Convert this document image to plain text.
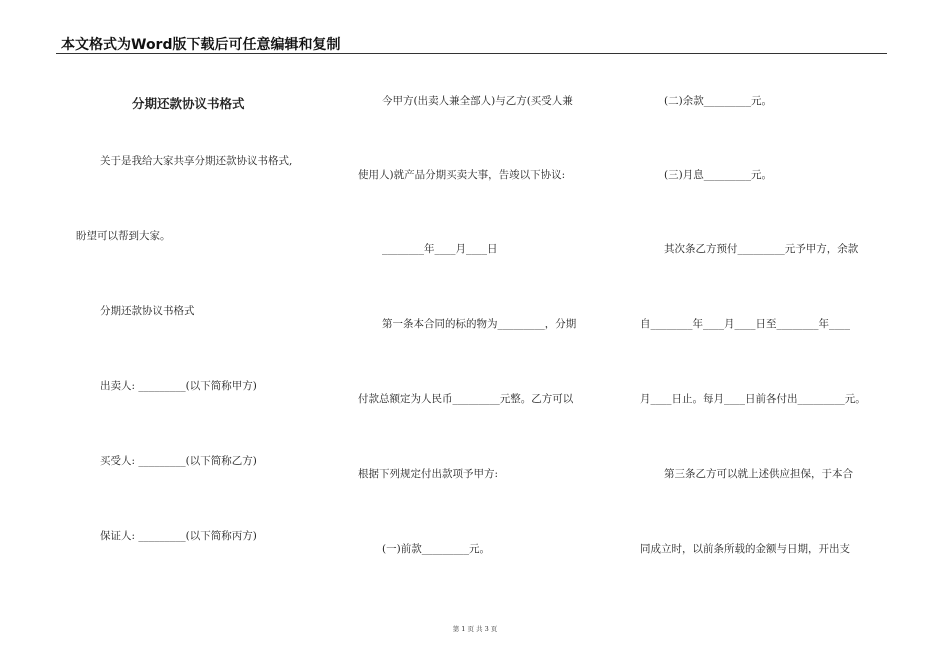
本文格式为Word版下载后可任意编辑和复制
分期还款协议书格式
关于是我给大家共享分期还款协议书格式,
盼望可以帮到大家。
分期还款协议书格式
出卖人: _________(以下简称甲方)
买受人: _________(以下简称乙方)
保证人: _________(以下简称丙方)
今甲方(出卖人兼全部人)与乙方(买受人兼
使用人)就产品分期买卖大事，告竣以下协议:
________年____月____日
第一条本合同的标的物为_________，分期
付款总额定为人民币_________元整。乙方可以
根据下列规定付出款项予甲方:
(一)前款_________元。
(二)余款_________元。
(三)月息_________元。
其次条乙方预付_________元予甲方，余款
自________年____月____日至________年____
月____日止。每月____日前各付出_________元。
第三条乙方可以就上述供应担保，于本合
同成立时，以前条所载的金额与日期，开出支
第 1 页 共 3 页
